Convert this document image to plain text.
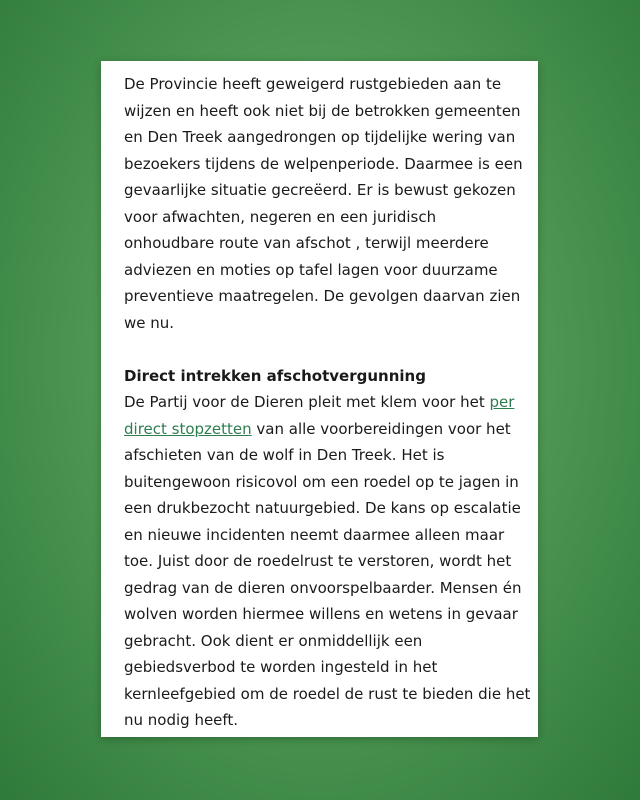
De Provincie heeft geweigerd rustgebieden aan te
wijzen en heeft ook niet bij de betrokken gemeenten
en Den Treek aangedrongen op tijdelijke wering van
bezoekers tijdens de welpenperiode. Daarmee is een
gevaarlijke situatie gecreëerd. Er is bewust gekozen
voor afwachten, negeren en een juridisch
onhoudbare route van afschot , terwijl meerdere
adviezen en moties op tafel lagen voor duurzame
preventieve maatregelen. De gevolgen daarvan zien
we nu.
Direct intrekken afschotvergunning
De Partij voor de Dieren pleit met klem voor het per
direct stopzetten van alle voorbereidingen voor het
afschieten van de wolf in Den Treek. Het is
buitengewoon risicovol om een roedel op te jagen in
een drukbezocht natuurgebied. De kans op escalatie
en nieuwe incidenten neemt daarmee alleen maar
toe. Juist door de roedelrust te verstoren, wordt het
gedrag van de dieren onvoorspelbaarder. Mensen én
wolven worden hiermee willens en wetens in gevaar
gebracht. Ook dient er onmiddellijk een
gebiedsverbod te worden ingesteld in het
kernleefgebied om de roedel de rust te bieden die het
nu nodig heeft.
